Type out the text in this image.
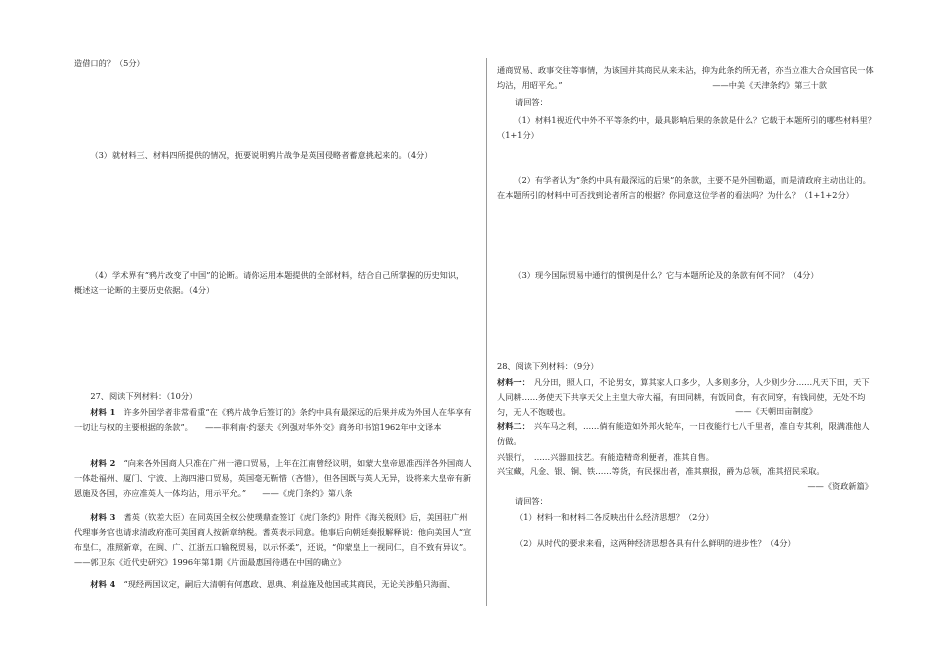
造借口的？（5分）

（3）就材料三、材料四所提供的情况，扼要说明鸦片战争是英国侵略者蓄意挑起来的。（4分）

（4）学术界有“鸦片改变了中国”的论断。请你运用本题提供的全部材料，结合自己所掌握的历史知识，概述这一论断的主要历史依据。（4分）

27、阅读下列材料：（10分）

材料 1　 许多外国学者非常看重“在《鸦片战争后签订的》条约中具有最深远的后果并成为外国人在华享有一切让与权的主要根据的条款”。　　——菲利南·约瑟夫《列强对华外交》商务印书馆1962年中文译本

材料 2　 “向来各外国商人只准在广州一港口贸易，上年在江南曾经议明，如蒙大皇帝恩准西洋各外国商人一体赴福州、厦门、宁波、上海四港口贸易，英国毫无靳惜（吝惜），但各国既与英人无异，设将来大皇帝有新恩施及各国，亦应准英人一体均沾，用示平允。”　　——《虎门条约》第八条

材料 3　 耆英（钦差大臣）在同英国全权公使璞鼎查签订《虎门条约》附件《海关税则》后，美国驻广州代理事务官也请求清政府准可美国商人按新章纳税。耆英表示同意。他事后向朝廷奏报解释说：他向美国人“宣布皇仁，准照新章，在闽、广、江浙五口输税贸易，以示怀柔”，还说，“仰蒙皇上一视同仁，自不致有异议”。　　——郭卫东《近代史研究》1996年第1期《片面最惠国待遇在中国的确立》

材料 4　 “现经两国议定，嗣后大清朝有何惠政、恩典、利益施及他国或其商民，无论关涉船只海面、

通商贸易、政事交往等事情，为该国并其商民从来未沾，抑为此条约所无者，亦当立准大合众国官民一体均沾，用昭平允。”	——中美《天津条约》第三十款

请回答：

（1）材料1视近代中外不平等条约中，最具影响后果的条款是什么？它载于本题所引的哪些材料里？（1+1分）

（2）有学者认为“条约中具有最深远的后果”的条款，主要不是外国勒逼，而是清政府主动出让的。在本题所引的材料中可否找到论者所言的根据？你同意这位学者的看法吗？为什么？（1+1+2分）

（3）现今国际贸易中通行的惯例是什么？它与本题所论及的条款有何不同？（4分）

28、阅读下列材料：（9分）

材料一：　 凡分田，照人口，不论男女，算其家人口多少，人多则多分，人少则少分……凡天下田，天下人同耕……务使天下共享天父上主皇大帝大福，有田同耕，有饭同食，有衣同穿，有钱同使，无处不均匀，无人不饱暖也。	——《天朝田亩制度》

材料二：　 兴车马之利，……倘有能造如外邦火轮车，一日夜能行七八千里者，准自专其利，限满准他人仿做。

兴银行，　……兴器皿技艺。有能造精奇利便者，准其自售。

兴宝藏，凡金、银、铜、铁……等货，有民探出者，准其禀报，爵为总领，准其招民采取。

——《资政新篇》

请回答：

（1）材料一和材料二各反映出什么经济思想？（2分）

（2）从时代的要求来看，这两种经济思想各具有什么鲜明的进步性？（4分）
